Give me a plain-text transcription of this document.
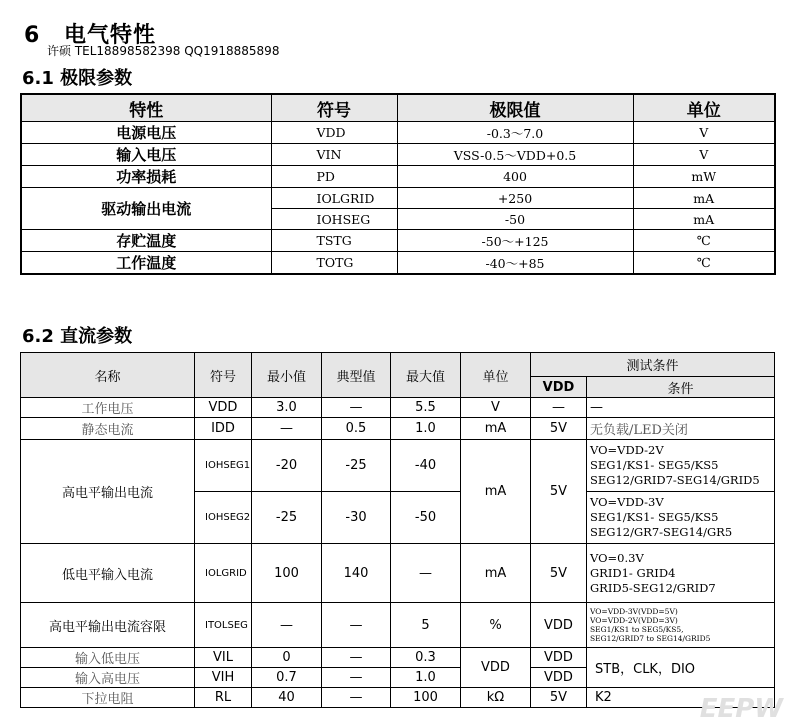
6 电气特性
许硕 TEL18898582398 QQ1918885898
6.1 极限参数
特性	符号	极限值	单位
电源电压	VDD	-0.3～7.0	V
输入电压	VIN	VSS-0.5～VDD+0.5	V
功率损耗	PD	400	mW
驱动输出电流	IOLGRID	+250	mA
	IOHSEG	-50	mA
存贮温度	TSTG	-50～+125	℃
工作温度	TOTG	-40～+85	℃
6.2 直流参数
名称	符号	最小值	典型值	最大值	单位	测试条件	
						VDD	条件
工作电压	VDD	3.0	—	5.5	V	—	—
静态电流	IDD	—	0.5	1.0	mA	5V	无负载/LED关闭
高电平输出电流	IOHSEG1	-20	-25	-40	mA	5V	VO=VDD-2V
SEG1/KS1- SEG5/KS5
SEG12/GRID7-SEG14/GRID5

	IOHSEG2	-25	-30	-50			VO=VDD-3V
SEG1/KS1- SEG5/KS5
SEG12/GR7-SEG14/GR5

低电平输入电流	IOLGRID	100	140	—	mA	5V	VO=0.3V
GRID1- GRID4
GRID5-SEG12/GRID7

高电平输出电流容限	ITOLSEG	—	—	5	%	VDD	VO=VDD-3V(VDD=5V)
VO=VDD-2V(VDD=3V)
SEG1/KS1 to SEG5/KS5,
SEG12/GRID7 to SEG14/GRID5

输入低电压	VIL	0	—	0.3	VDD	VDD	STB，CLK，DIO
输入高电压	VIH	0.7	—	1.0		VDD	
下拉电阻	RL	40	—	100	kΩ	5V	K2	EEPW
